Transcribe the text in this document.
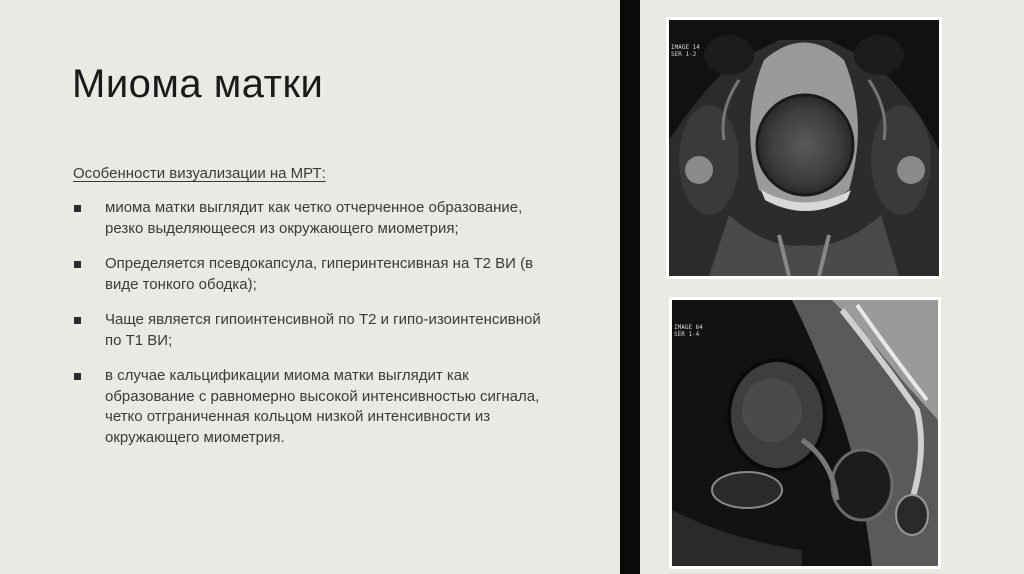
Миома матки
Особенности визуализации на МРТ:
миома матки выглядит как четко отчерченное образование, резко выделяющееся из окружающего миометрия;
Определяется псевдокапсула, гиперинтенсивная на Т2 ВИ (в виде тонкого ободка);
Чаще является гипоинтенсивной по Т2 и гипо-изоинтенсивной по Т1 ВИ;
в случае кальцификации миома матки выглядит как образование с равномерно высокой интенсивностью сигнала, четко отграниченная кольцом низкой интенсивности из окружающего миометрия.
IMAGE 14
SER 1-2
IMAGE 64
SER 1-4
